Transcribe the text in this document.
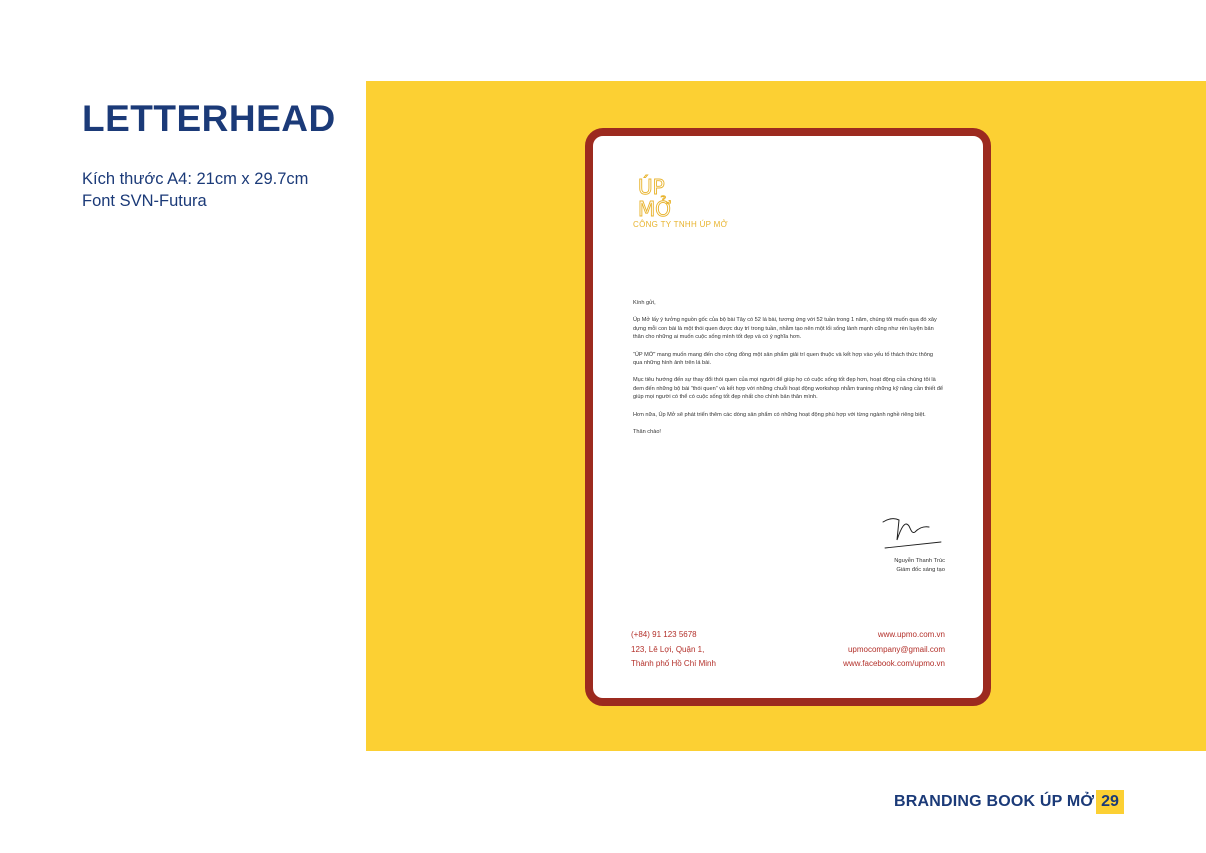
LETTERHEAD
Kích thước A4: 21cm x 29.7cm
Font SVN-Futura
ÚP
MỞ
CÔNG TY TNHH ÚP MỞ

Kính gửi,

Úp Mở lấy ý tưởng nguồn gốc của bộ bài Tây có 52 lá bài, tương ứng với 52 tuần trong 1 năm, chúng tôi muốn qua đó xây dựng mỗi con bài là một thói quen được duy trì trong tuần, nhằm tạo nên một lối sống lành mạnh cũng như rèn luyện bản thân cho những ai muốn cuộc sống mình tốt đẹp và có ý nghĩa hơn.

“ÚP MỞ” mang muốn mang đến cho cộng đồng một sản phẩm giải trí quen thuộc và kết hợp vào yếu tố thách thức thông qua những hình ảnh trên lá bài.

Mục tiêu hướng đến sự thay đổi thói quen của mọi người để giúp họ có cuộc sống tốt đẹp hơn, hoạt động của chúng tôi là đem đến những bộ bài “thói quen” và kết hợp với những chuỗi hoạt động workshop nhằm traning những kỹ năng cần thiết để giúp mọi người có thể có cuộc sống tốt đẹp nhất cho chính bản thân mình.

Hơn nữa, Úp Mở sẽ phát triển thêm các dòng sản phẩm có những hoạt động phù hợp với từng ngành nghề riêng biệt.

Thân chào!

Nguyễn Thanh Trúc
Giám đốc sáng tạo
(+84) 91 123 5678
123, Lê Lợi, Quận 1,
Thành phố Hồ Chí Minh
www.upmo.com.vn
upmocompany@gmail.com
www.facebook.com/upmo.vn
BRANDING BOOK ÚP MỞ 29
